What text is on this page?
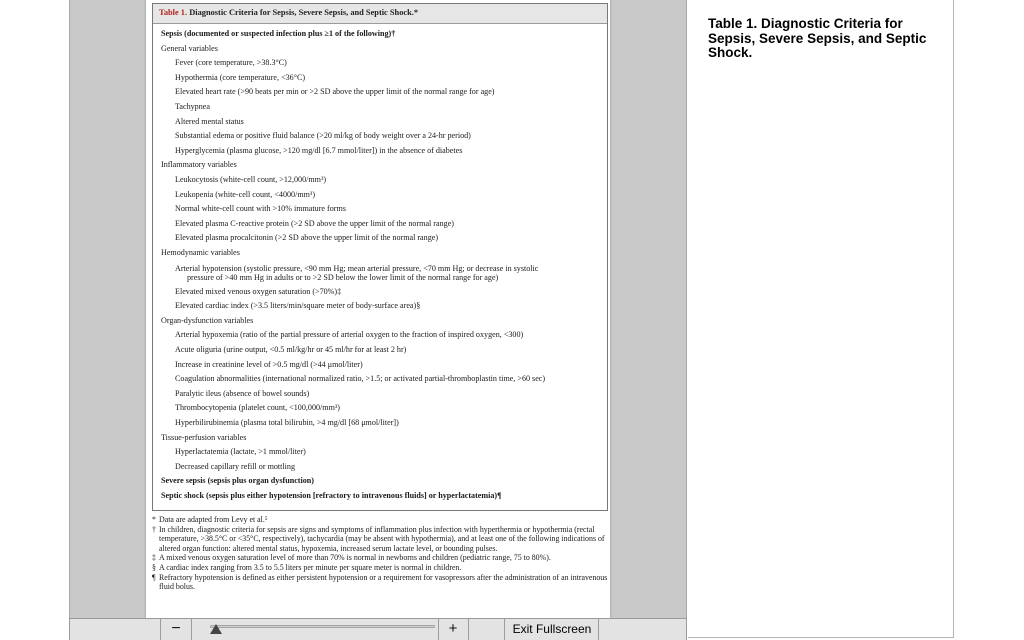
Table 1. Diagnostic Criteria for Sepsis, Severe Sepsis, and Septic Shock.*
Sepsis (documented or suspected infection plus ≥1 of the following)†
General variables
Fever (core temperature, >38.3°C)
Hypothermia (core temperature, <36°C)
Elevated heart rate (>90 beats per min or >2 SD above the upper limit of the normal range for age)
Tachypnea
Altered mental status
Substantial edema or positive fluid balance (>20 ml/kg of body weight over a 24-hr period)
Hyperglycemia (plasma glucose, >120 mg/dl [6.7 mmol/liter]) in the absence of diabetes
Inflammatory variables
Leukocytosis (white-cell count, >12,000/mm³)
Leukopenia (white-cell count, <4000/mm³)
Normal white-cell count with >10% immature forms
Elevated plasma C-reactive protein (>2 SD above the upper limit of the normal range)
Elevated plasma procalcitonin (>2 SD above the upper limit of the normal range)
Hemodynamic variables
Arterial hypotension (systolic pressure, <90 mm Hg; mean arterial pressure, <70 mm Hg; or decrease in systolic
pressure of >40 mm Hg in adults or to >2 SD below the lower limit of the normal range for age)
Elevated mixed venous oxygen saturation (>70%)‡
Elevated cardiac index (>3.5 liters/min/square meter of body-surface area)§
Organ-dysfunction variables
Arterial hypoxemia (ratio of the partial pressure of arterial oxygen to the fraction of inspired oxygen, <300)
Acute oliguria (urine output, <0.5 ml/kg/hr or 45 ml/hr for at least 2 hr)
Increase in creatinine level of >0.5 mg/dl (>44 μmol/liter)
Coagulation abnormalities (international normalized ratio, >1.5; or activated partial-thromboplastin time, >60 sec)
Paralytic ileus (absence of bowel sounds)
Thrombocytopenia (platelet count, <100,000/mm³)
Hyperbilirubinemia (plasma total bilirubin, >4 mg/dl [68 μmol/liter])
Tissue-perfusion variables
Hyperlactatemia (lactate, >1 mmol/liter)
Decreased capillary refill or mottling
Severe sepsis (sepsis plus organ dysfunction)
Septic shock (sepsis plus either hypotension [refractory to intravenous fluids] or hyperlactatemia)¶
* Data are adapted from Levy et al.⁵
† In children, diagnostic criteria for sepsis are signs and symptoms of inflammation plus infection with hyperthermia or hypothermia (rectal temperature, >38.5°C or <35°C, respectively), tachycardia (may be absent with hypothermia), and at least one of the following indications of altered organ function: altered mental status, hypoxemia, increased serum lactate level, or bounding pulses.
‡ A mixed venous oxygen saturation level of more than 70% is normal in newborns and children (pediatric range, 75 to 80%).
§ A cardiac index ranging from 3.5 to 5.5 liters per minute per square meter is normal in children.
¶ Refractory hypotension is defined as either persistent hypotension or a requirement for vasopressors after the administration of an intravenous fluid bolus.
Table 1. Diagnostic Criteria for Sepsis, Severe Sepsis, and Septic Shock.
−	+	Exit Fullscreen
